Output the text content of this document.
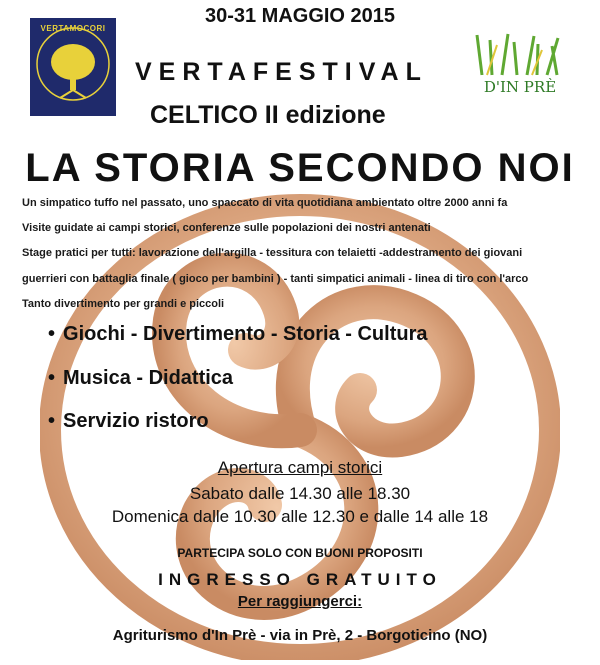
VERTAMOCORI
D'IN PRÈ
30-31 MAGGIO 2015
VERTAFESTIVAL
CELTICO II edizione
LA STORIA SECONDO NOI
Un simpatico tuffo nel passato, uno spaccato di vita quotidiana ambientato oltre 2000 anni fa
Visite guidate ai campi storici, conferenze sulle popolazioni dei nostri antenati
Stage pratici per tutti: lavorazione dell'argilla - tessitura con telaietti -addestramento dei giovani
guerrieri con battaglia finale ( gioco per bambini ) - tanti simpatici animali - linea di tiro con l'arco
Tanto divertimento per grandi e piccoli
• Giochi - Divertimento - Storia - Cultura
• Musica - Didattica
• Servizio ristoro
Apertura campi storici
Sabato dalle 14.30 alle 18.30
Domenica dalle 10.30 alle 12.30 e dalle 14 alle 18
PARTECIPA SOLO CON BUONI PROPOSITI
INGRESSO GRATUITO
Per raggiungerci:
Agriturismo d'In Prè - via in Prè, 2 - Borgoticino (NO)
